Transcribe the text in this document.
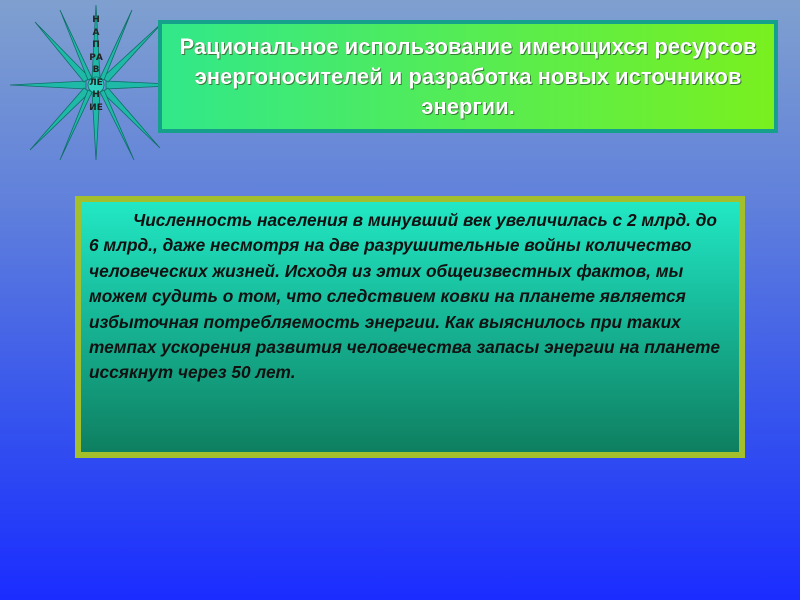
НАПРАВЛЕНИЕ
Рациональное использование имеющихся ресурсов энергоносителей и разработка новых источников энергии.

Численность населения в минувший век увеличилась с 2 млрд. до 6 млрд., даже несмотря на две разрушительные войны количество человеческих жизней. Исходя из этих общеизвестных фактов, мы можем судить о том, что следствием ковки на планете является избыточная потребляемость энергии. Как выяснилось при таких темпах ускорения развития человечества запасы энергии на планете иссякнут через 50 лет.
